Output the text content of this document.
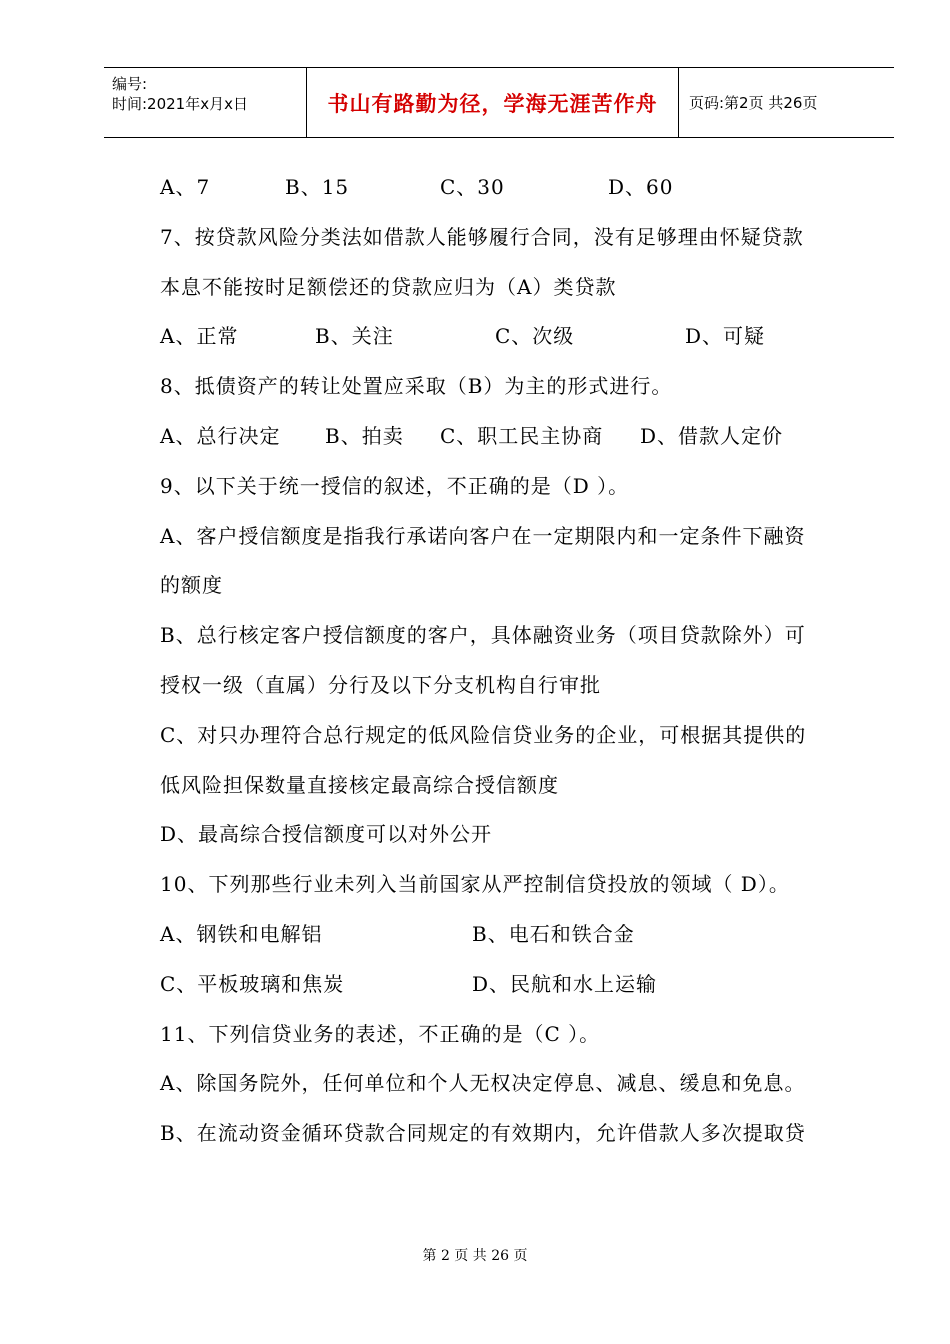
编号:
时间:2021年x月x日	书山有路勤为径，学海无涯苦作舟	页码:第2页 共26页
A、7	B、15	C、30	D、60
7、按贷款风险分类法如借款人能够履行合同，没有足够理由怀疑贷款
本息不能按时足额偿还的贷款应归为（A）类贷款
A、正常	B、关注	C、次级	D、可疑
8、抵债资产的转让处置应采取（B）为主的形式进行。
A、总行决定 B、拍卖 C、职工民主协商 D、借款人定价
9、以下关于统一授信的叙述，不正确的是（D ）。
A、客户授信额度是指我行承诺向客户在一定期限内和一定条件下融资
的额度
B、总行核定客户授信额度的客户，具体融资业务（项目贷款除外）可
授权一级（直属）分行及以下分支机构自行审批
C、对只办理符合总行规定的低风险信贷业务的企业，可根据其提供的
低风险担保数量直接核定最高综合授信额度
D、最高综合授信额度可以对外公开
10、下列那些行业未列入当前国家从严控制信贷投放的领域（ D）。
A、钢铁和电解铝	B、电石和铁合金
C、平板玻璃和焦炭	D、民航和水上运输
11、下列信贷业务的表述，不正确的是（C ）。
A、除国务院外，任何单位和个人无权决定停息、减息、缓息和免息。
B、在流动资金循环贷款合同规定的有效期内，允许借款人多次提取贷
第 2 页 共 26 页
